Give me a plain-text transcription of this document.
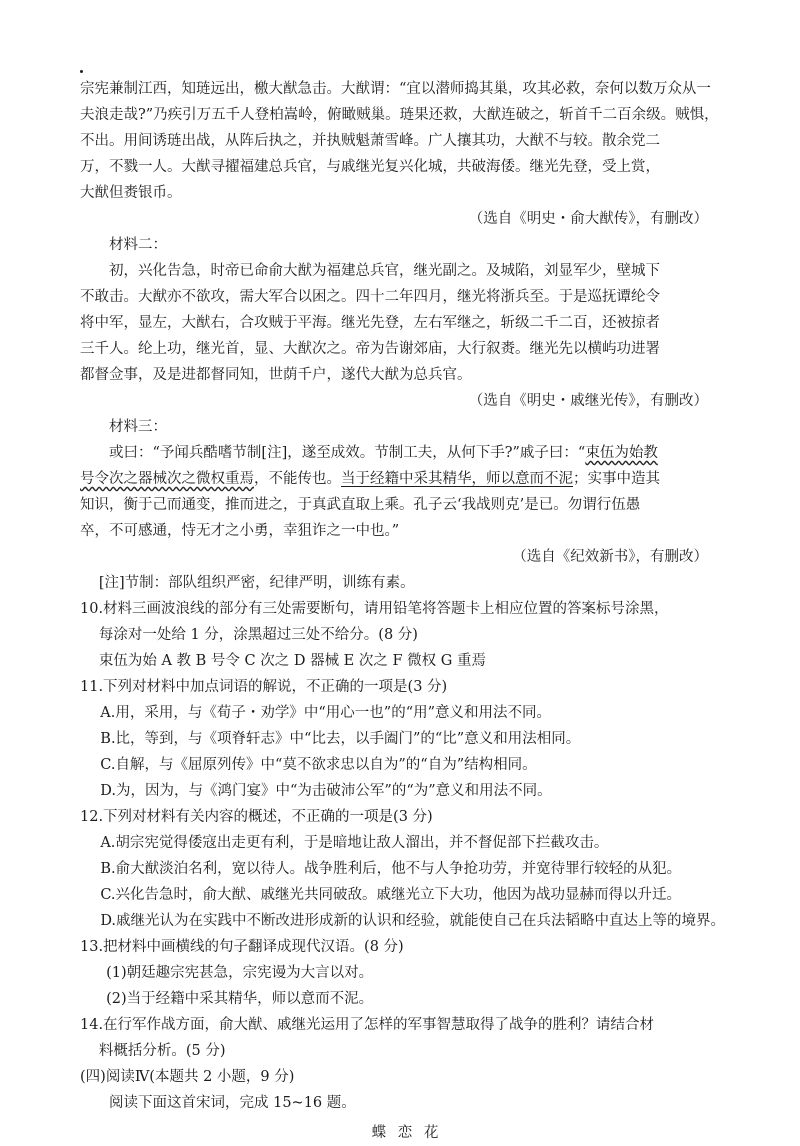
宗宪兼制江西，知琏远出，檄大猷急击。大猷谓：“宜以潜师捣其巢，攻其必救，奈何以数万众从一

夫浪走哉?”乃疾引万五千人登柏嵩岭，俯瞰贼巢。琏果还救，大猷连破之，斩首千二百余级。贼惧，

不出。用间诱琏出战，从阵后执之，并执贼魁萧雪峰。广人攘其功，大猷不与较。散余党二

万，不戮一人。大猷寻擢福建总兵官，与戚继光复兴化城，共破海倭。继光先登，受上赏，

大猷但赉银币。

（选自《明史・俞大猷传》，有删改）

材料二：

初，兴化告急，时帝已命俞大猷为福建总兵官，继光副之。及城陷，刘显军少，壁城下

不敢击。大猷亦不欲攻，需大军合以困之。四十二年四月，继光将浙兵至。于是巡抚谭纶令

将中军，显左，大猷右，合攻贼于平海。继光先登，左右军继之，斩级二千二百，还被掠者

三千人。纶上功，继光首，显、大猷次之。帝为告谢郊庙，大行叙赉。继光先以横屿功进署

都督佥事，及是进都督同知，世荫千户，遂代大猷为总兵官。

（选自《明史・戚继光传》，有删改）

材料三：

或曰：“予闻兵酷嗜节制[注]，遂至成效。节制工夫，从何下手?”戚子曰：“束伍为始教

号令次之器械次之微权重焉，不能传也。当于经籍中采其精华，师以意而不泥；实事中造其

知识，衡于己而通变，推而进之，于真武直取上乘。孔子云‘我战则克’是已。勿谓行伍愚

卒，不可感通，恃无才之小勇，幸狙诈之一中也。”

（选自《纪效新书》，有删改）

[注]节制：部队组织严密，纪律严明，训练有素。

10.材料三画波浪线的部分有三处需要断句，请用铅笔将答题卡上相应位置的答案标号涂黑，

每涂对一处给 1 分，涂黑超过三处不给分。(8 分)

束伍为始 A 教 B 号令 C 次之 D 器械 E 次之 F 微权 G 重焉

11.下列对材料中加点词语的解说，不正确的一项是(3 分)

A.用，采用，与《荀子・劝学》中“用心一也”的“用”意义和用法不同。

B.比，等到，与《项脊轩志》中“比去，以手阖门”的“比”意义和用法相同。

C.自解，与《屈原列传》中“莫不欲求忠以自为”的“自为”结构相同。

D.为，因为，与《鸿门宴》中“为击破沛公军”的“为”意义和用法不同。

12.下列对材料有关内容的概述，不正确的一项是(3 分)

A.胡宗宪觉得倭寇出走更有利，于是暗地让敌人溜出，并不督促部下拦截攻击。

B.俞大猷淡泊名利，宽以待人。战争胜利后，他不与人争抢功劳，并宽待罪行较轻的从犯。

C.兴化告急时，俞大猷、戚继光共同破敌。戚继光立下大功，他因为战功显赫而得以升迁。

D.戚继光认为在实践中不断改进形成新的认识和经验，就能使自己在兵法韬略中直达上等的境界。

13.把材料中画横线的句子翻译成现代汉语。(8 分)

(1)朝廷趣宗宪甚急，宗宪谩为大言以对。

(2)当于经籍中采其精华，师以意而不泥。

14.在行军作战方面，俞大猷、戚继光运用了怎样的军事智慧取得了战争的胜利？请结合材

料概括分析。(5 分)

(四)阅读Ⅳ(本题共 2 小题，9 分)

阅读下面这首宋词，完成 15~16 题。

蝶恋花
